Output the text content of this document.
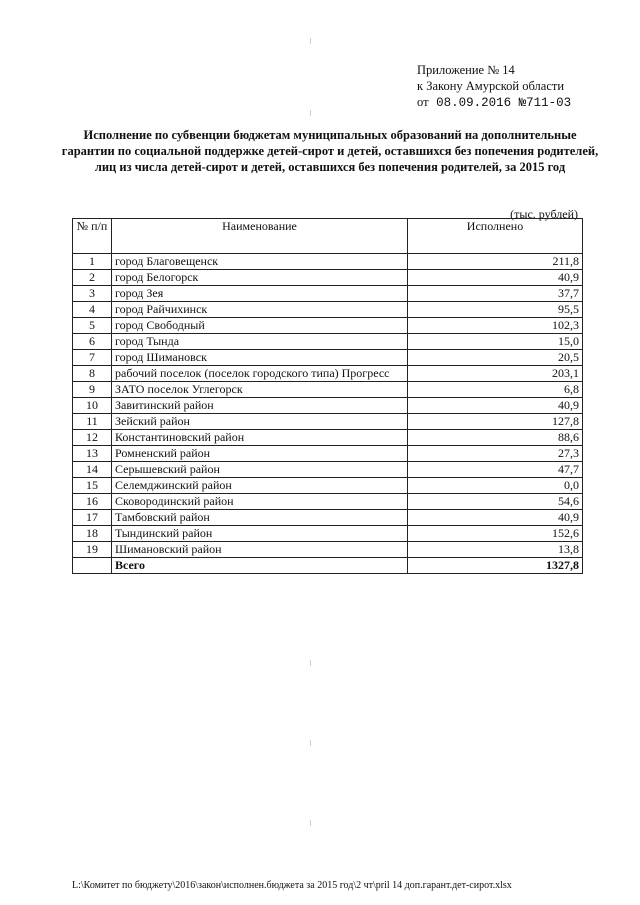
Приложение № 14
к Закону Амурской области
от 08.09.2016 №711-03
Исполнение по субвенции бюджетам муниципальных образований на дополнительные гарантии по социальной поддержке детей-сирот и детей, оставшихся без попечения родителей, лиц из числа детей-сирот и детей, оставшихся без попечения родителей, за 2015 год
(тыс. рублей)
№ п/п	Наименование	Исполнено
1	город Благовещенск	211,8
2	город Белогорск	40,9
3	город Зея	37,7
4	город Райчихинск	95,5
5	город Свободный	102,3
6	город Тында	15,0
7	город Шимановск	20,5
8	рабочий поселок (поселок городского типа) Прогресс	203,1
9	ЗАТО поселок Углегорск	6,8
10	Завитинский район	40,9
11	Зейский район	127,8
12	Константиновский район	88,6
13	Ромненский район	27,3
14	Серышевский район	47,7
15	Селемджинский район	0,0
16	Сковородинский район	54,6
17	Тамбовский район	40,9
18	Тындинский район	152,6
19	Шимановский район	13,8
	Всего	1327,8
L:\Комитет по бюджету\2016\закон\исполнен.бюджета за 2015 год\2 чт\pril 14 доп.гарант.дет-сирот.xlsx
